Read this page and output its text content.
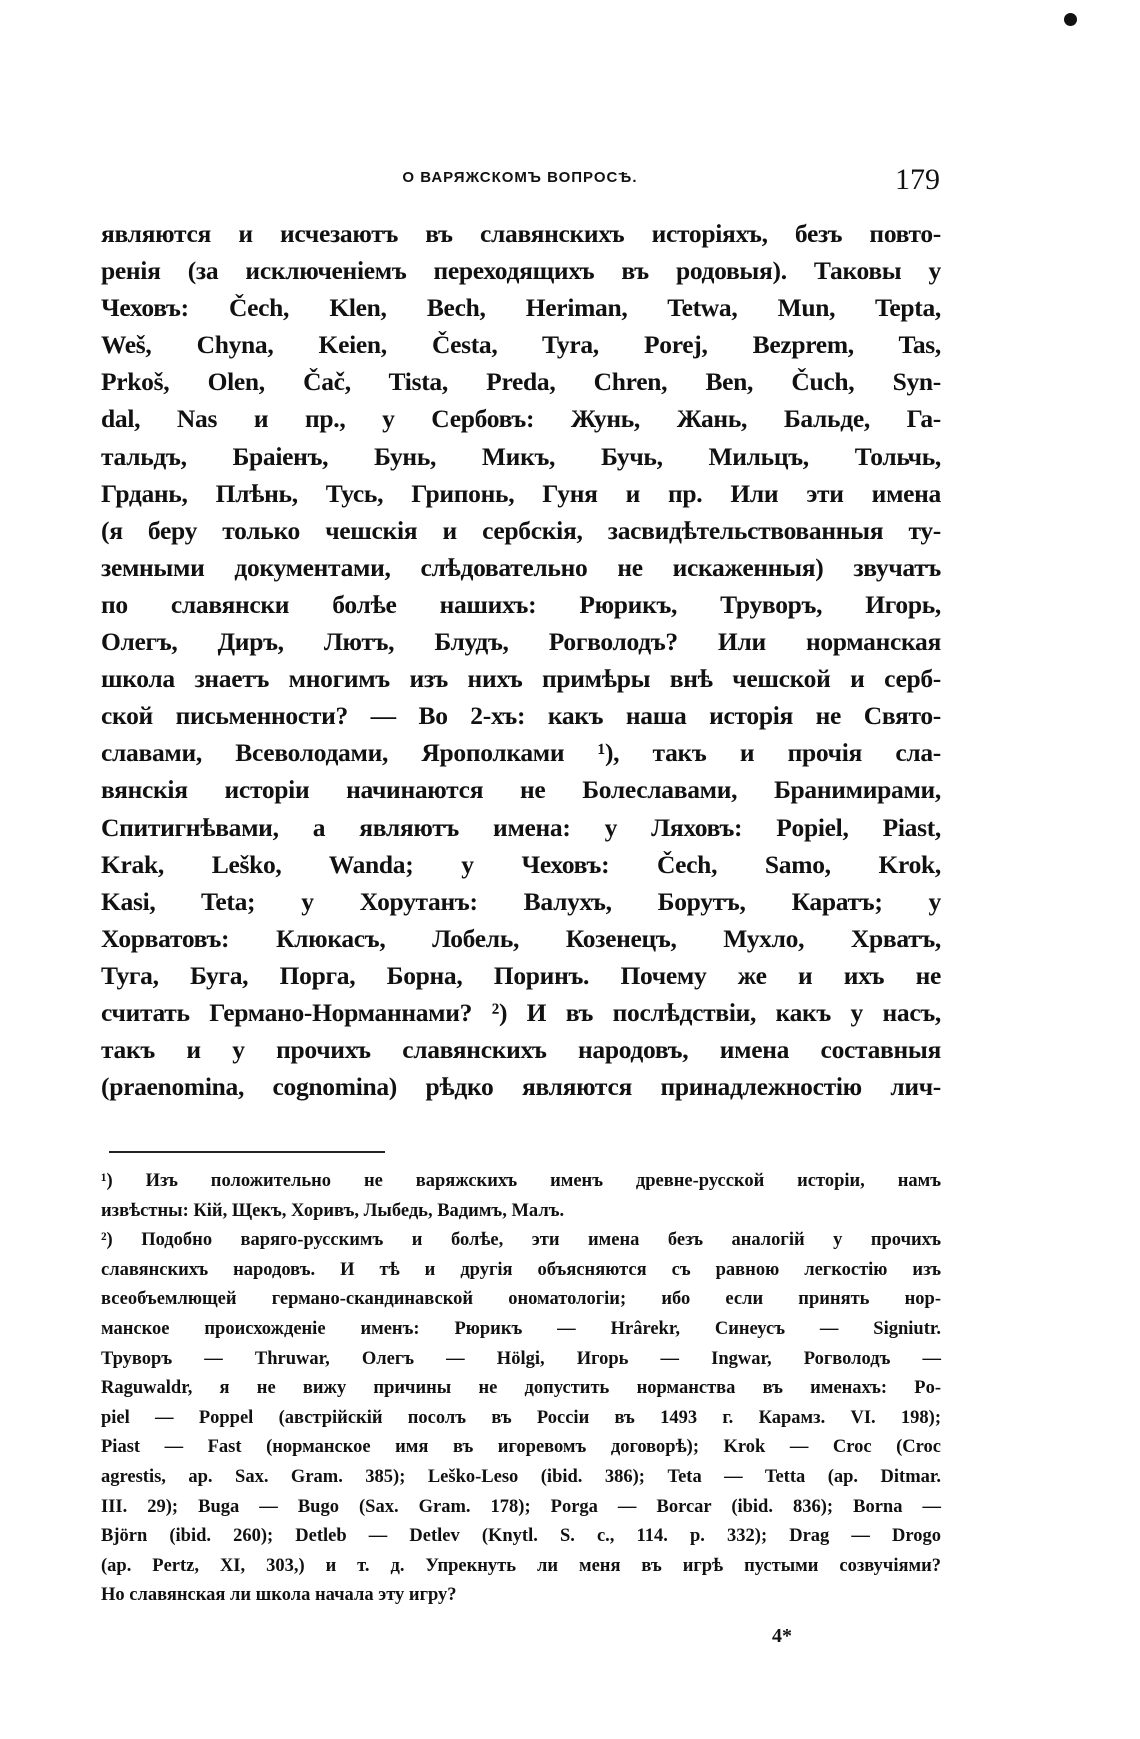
О ВАРЯЖСКОМЪ ВОПРОСѢ.	179
являются и исчезаютъ въ славянскихъ исторіяхъ, безъ повто-
ренія (за исключеніемъ переходящихъ въ родовыя). Таковы у
Чеховъ: Čech, Klen, Bech, Heriman, Tetwa, Mun, Tepta,
Weš, Chyna, Keien, Česta, Tyra, Porej, Bezprem, Tas,
Prkoš, Olen, Čač, Tista, Preda, Chren, Ben, Čuch, Syn-
dal, Nas и пр., у Сербовъ: Жунь, Жань, Бальде, Га-
тальдъ, Браіенъ, Бунь, Микъ, Бучь, Мильцъ, Тольчь,
Грдань, Плѣнь, Тусь, Грипонь, Гуня и пр. Или эти имена
(я беру только чешскія и сербскія, засвидѣтельствованныя ту-
земными документами, слѣдовательно не искаженныя) звучатъ
по славянски болѣе нашихъ: Рюрикъ, Труворъ, Игорь,
Олегъ, Диръ, Лютъ, Блудъ, Рогволодъ? Или норманская
школа знаетъ многимъ изъ нихъ примѣры внѣ чешской и серб-
ской письменности? — Во 2-хъ: какъ наша исторія не Свято-
славами, Всеволодами, Ярополками ¹), такъ и прочія сла-
вянскія исторіи начинаются не Болеславами, Бранимирами,
Спитигнѣвами, а являютъ имена: у Ляховъ: Popiel, Piast,
Krak, Leško, Wanda; у Чеховъ: Čech, Samo, Krok,
Kasi, Teta; у Хорутанъ: Валухъ, Борутъ, Каратъ; у
Хорватовъ: Клюкасъ, Лобель, Козенецъ, Мухло, Хрватъ,
Туга, Буга, Порга, Борна, Поринъ. Почему же и ихъ не
считать Германо-Норманнами? ²) И въ послѣдствіи, какъ у насъ,
такъ и у прочихъ славянскихъ народовъ, имена составныя
(praenomina, cognomina) рѣдко являются принадлежностію лич-
¹) Изъ положительно не варяжскихъ именъ древне-русской исторіи, намъ
извѣстны: Кій, Щекъ, Хоривъ, Лыбедь, Вадимъ, Малъ.
²) Подобно варяго-русскимъ и болѣе, эти имена безъ аналогій у прочихъ
славянскихъ народовъ. И тѣ и другія объясняются съ равною легкостію изъ
всеобъемлющей германо-скандинавской ономатологіи; ибо если принять нор-
манское происхожденіе именъ: Рюрикъ — Hrârekr, Синеусъ — Signiutr.
Труворъ — Thruwar, Олегъ — Hölgi, Игорь — Ingwar, Рогволодъ —
Raguwaldr, я не вижу причины не допустить норманства въ именахъ: Po-
piel — Poppel (австрійскій посолъ въ Россіи въ 1493 г. Карамз. VI. 198);
Piast — Fast (норманское имя въ игоревомъ договорѣ); Krok — Croc (Croc
agrestis, ap. Sax. Gram. 385); Leško-Lesо (ibid. 386); Teta — Tetta (ap. Ditmar.
III. 29); Buga — Bugo (Sax. Gram. 178); Porga — Borcar (ibid. 836); Borna —
Björn (ibid. 260); Detleb — Detlev (Knytl. S. c., 114. p. 332); Drag — Drogo
(ap. Pertz, XI, 303,) и т. д. Упрекнуть ли меня въ игрѣ пустыми созвучіями?
Но славянская ли школа начала эту игру?
4*
